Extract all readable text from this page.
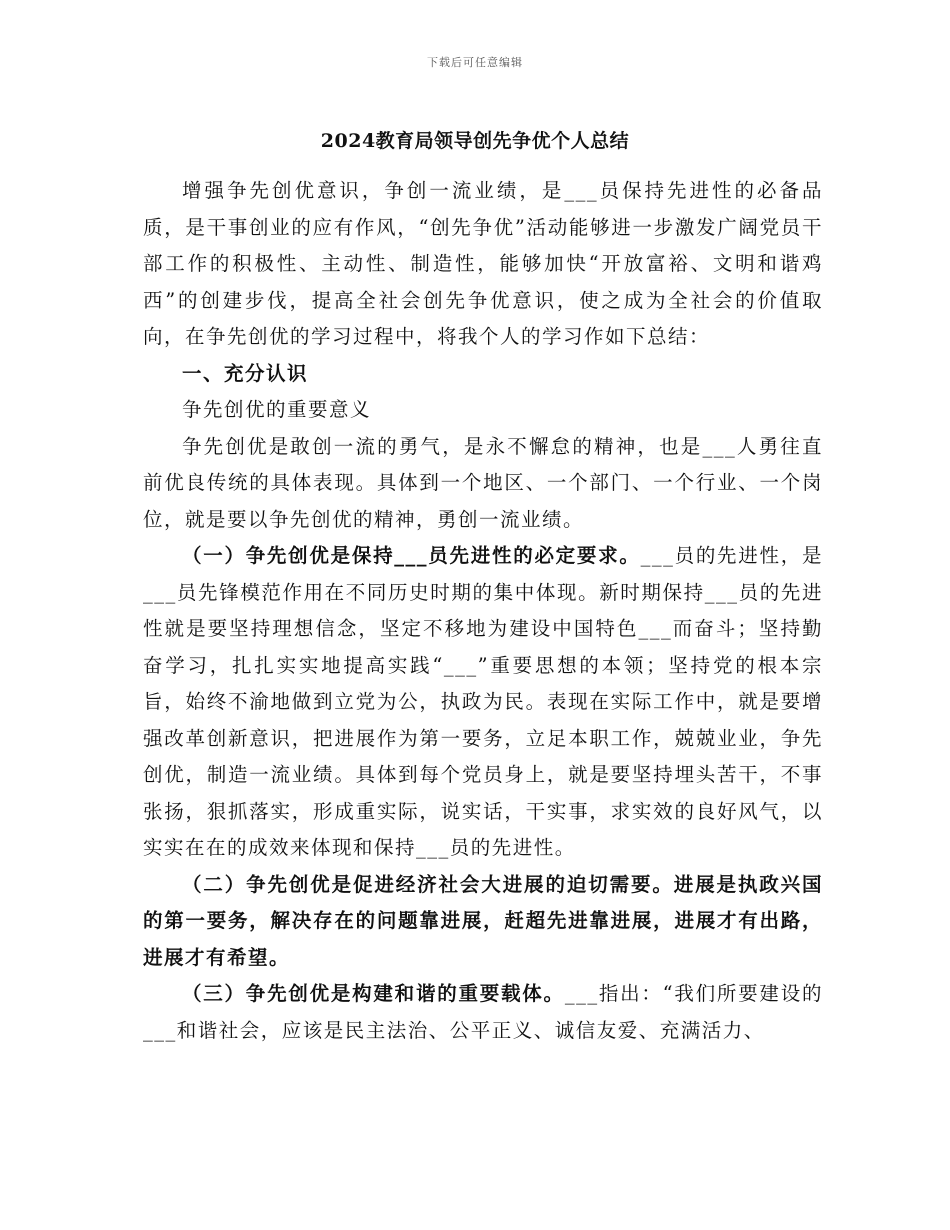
下载后可任意编辑
2024教育局领导创先争优个人总结

增强争先创优意识，争创一流业绩，是___员保持先进性的必备品质，是干事创业的应有作风，“创先争优”活动能够进一步激发广阔党员干部工作的积极性、主动性、制造性，能够加快“开放富裕、文明和谐鸡西”的创建步伐，提高全社会创先争优意识，使之成为全社会的价值取向，在争先创优的学习过程中，将我个人的学习作如下总结：

一、充分认识

争先创优的重要意义

争先创优是敢创一流的勇气，是永不懈怠的精神，也是___人勇往直前优良传统的具体表现。具体到一个地区、一个部门、一个行业、一个岗位，就是要以争先创优的精神，勇创一流业绩。

（一）争先创优是保持___员先进性的必定要求。___员的先进性，是___员先锋模范作用在不同历史时期的集中体现。新时期保持___员的先进性就是要坚持理想信念，坚定不移地为建设中国特色___而奋斗；坚持勤奋学习，扎扎实实地提高实践“___”重要思想的本领；坚持党的根本宗旨，始终不渝地做到立党为公，执政为民。表现在实际工作中，就是要增强改革创新意识，把进展作为第一要务，立足本职工作，兢兢业业，争先创优，制造一流业绩。具体到每个党员身上，就是要坚持埋头苦干，不事张扬，狠抓落实，形成重实际，说实话，干实事，求实效的良好风气，以实实在在的成效来体现和保持___员的先进性。

（二）争先创优是促进经济社会大进展的迫切需要。进展是执政兴国的第一要务，解决存在的问题靠进展，赶超先进靠进展，进展才有出路，进展才有希望。

（三）争先创优是构建和谐的重要载体。___指出：“我们所要建设的___和谐社会，应该是民主法治、公平正义、诚信友爱、充满活力、
